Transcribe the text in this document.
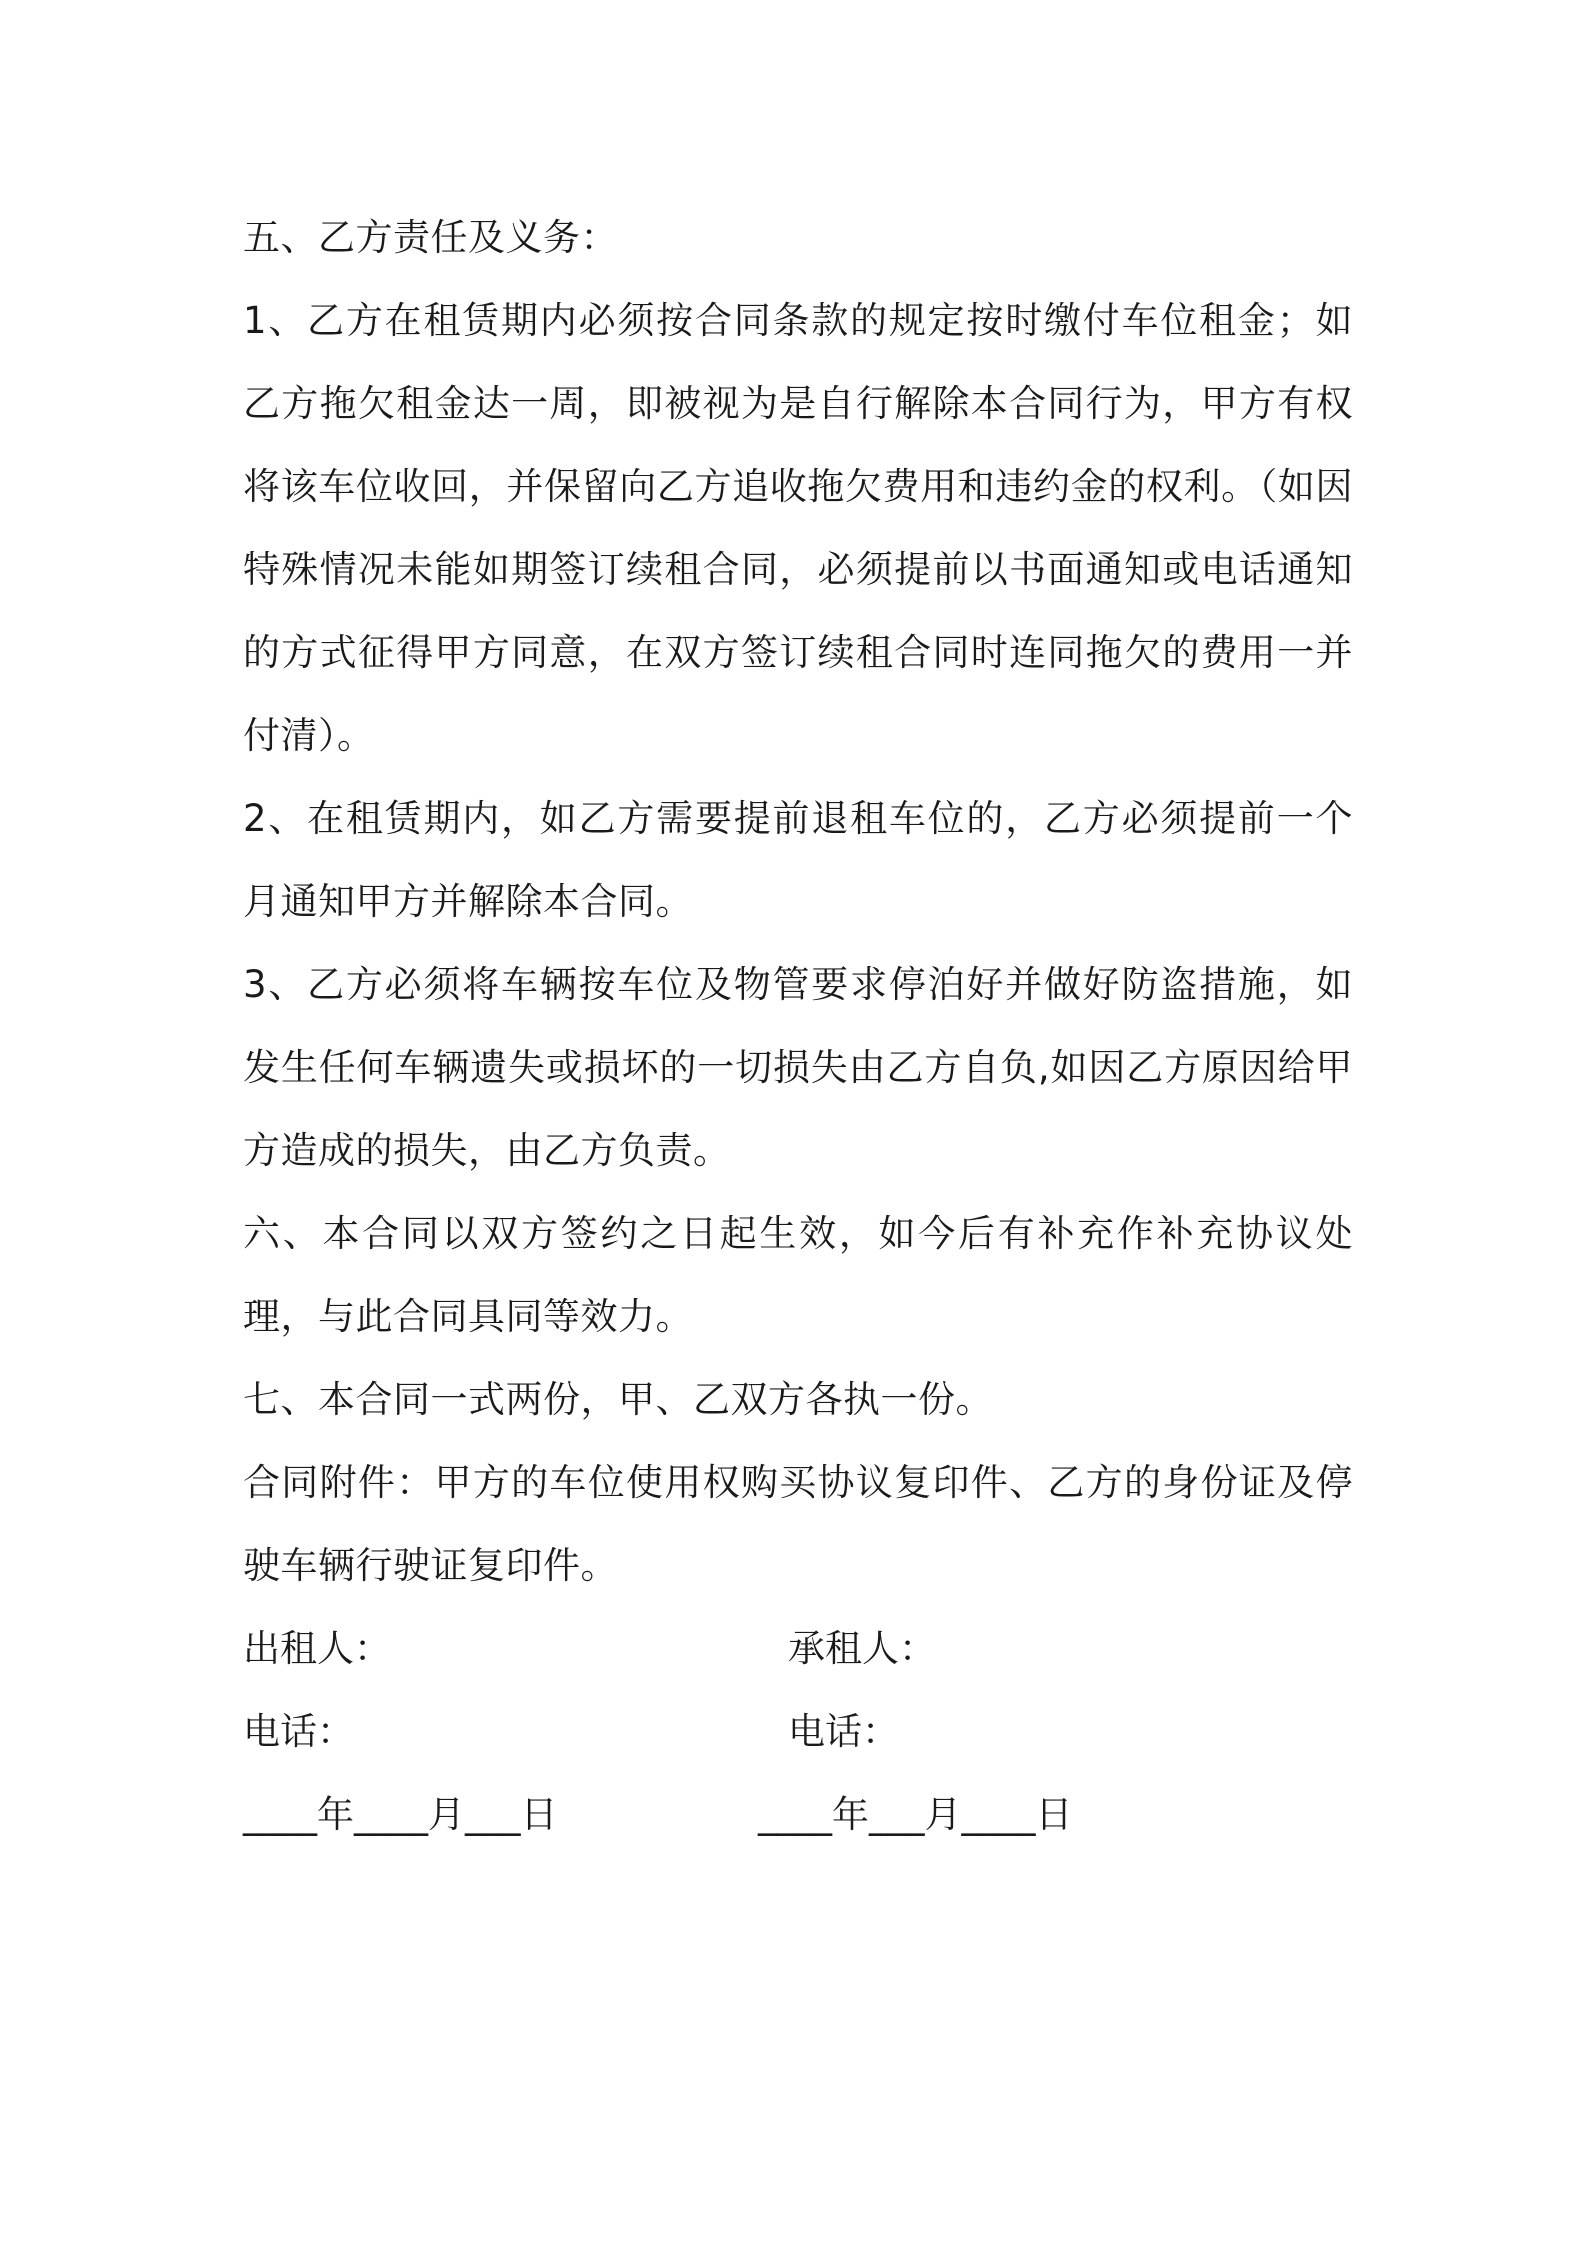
五、乙方责任及义务：

1、乙方在租赁期内必须按合同条款的规定按时缴付车位租金；如乙方拖欠租金达一周，即被视为是自行解除本合同行为，甲方有权将该车位收回，并保留向乙方追收拖欠费用和违约金的权利。（如因特殊情况未能如期签订续租合同，必须提前以书面通知或电话通知的方式征得甲方同意，在双方签订续租合同时连同拖欠的费用一并付清）。

2、在租赁期内，如乙方需要提前退租车位的，乙方必须提前一个月通知甲方并解除本合同。

3、乙方必须将车辆按车位及物管要求停泊好并做好防盗措施，如发生任何车辆遗失或损坏的一切损失由乙方自负,如因乙方原因给甲方造成的损失，由乙方负责。

六、本合同以双方签约之日起生效，如今后有补充作补充协议处理，与此合同具同等效力。

七、本合同一式两份，甲、乙双方各执一份。

合同附件：甲方的车位使用权购买协议复印件、乙方的身份证及停驶车辆行驶证复印件。

出租人：	承租人：
电话：	电话：
____年____月___日	____年___月____日
